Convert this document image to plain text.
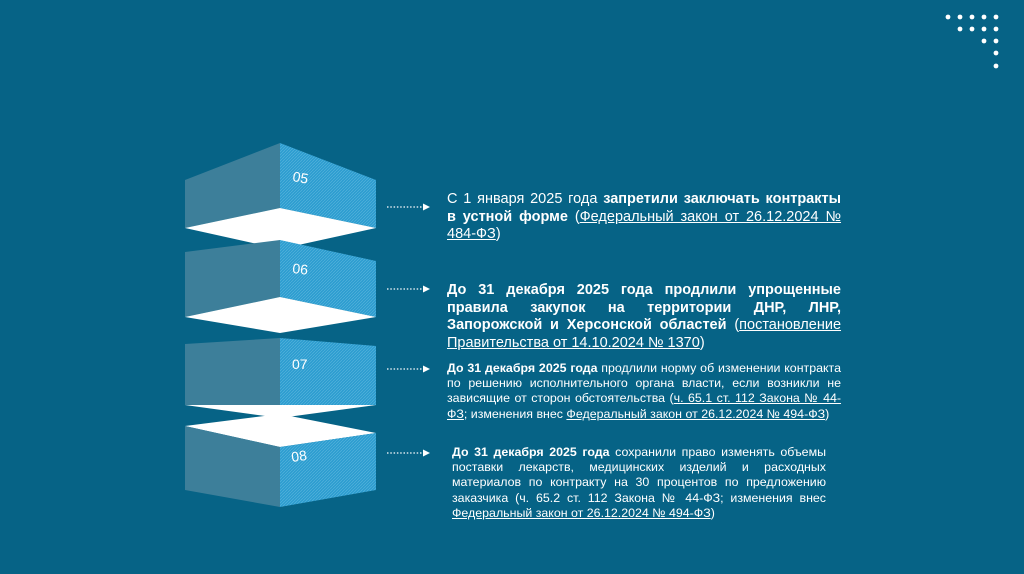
05
06
07
08
С 1 января 2025 года запретили заключать контракты в устной форме (Федеральный закон от 26.12.2024 № 484-ФЗ)
До 31 декабря 2025 года продлили упрощенные правила закупок на территории ДНР, ЛНР, Запорожской и Херсонской областей (постановление Правительства от 14.10.2024 № 1370)
До 31 декабря 2025 года продлили норму об изменении контракта по решению исполнительного органа власти, если возникли не зависящие от сторон обстоятельства (ч. 65.1 ст. 112 Закона № 44-ФЗ; изменения внес Федеральный закон от 26.12.2024 № 494-ФЗ)
До 31 декабря 2025 года сохранили право изменять объемы поставки лекарств, медицинских изделий и расходных материалов по контракту на 30 процентов по предложению заказчика (ч. 65.2 ст. 112 Закона № 44-ФЗ; изменения внес Федеральный закон от 26.12.2024 № 494-ФЗ)
